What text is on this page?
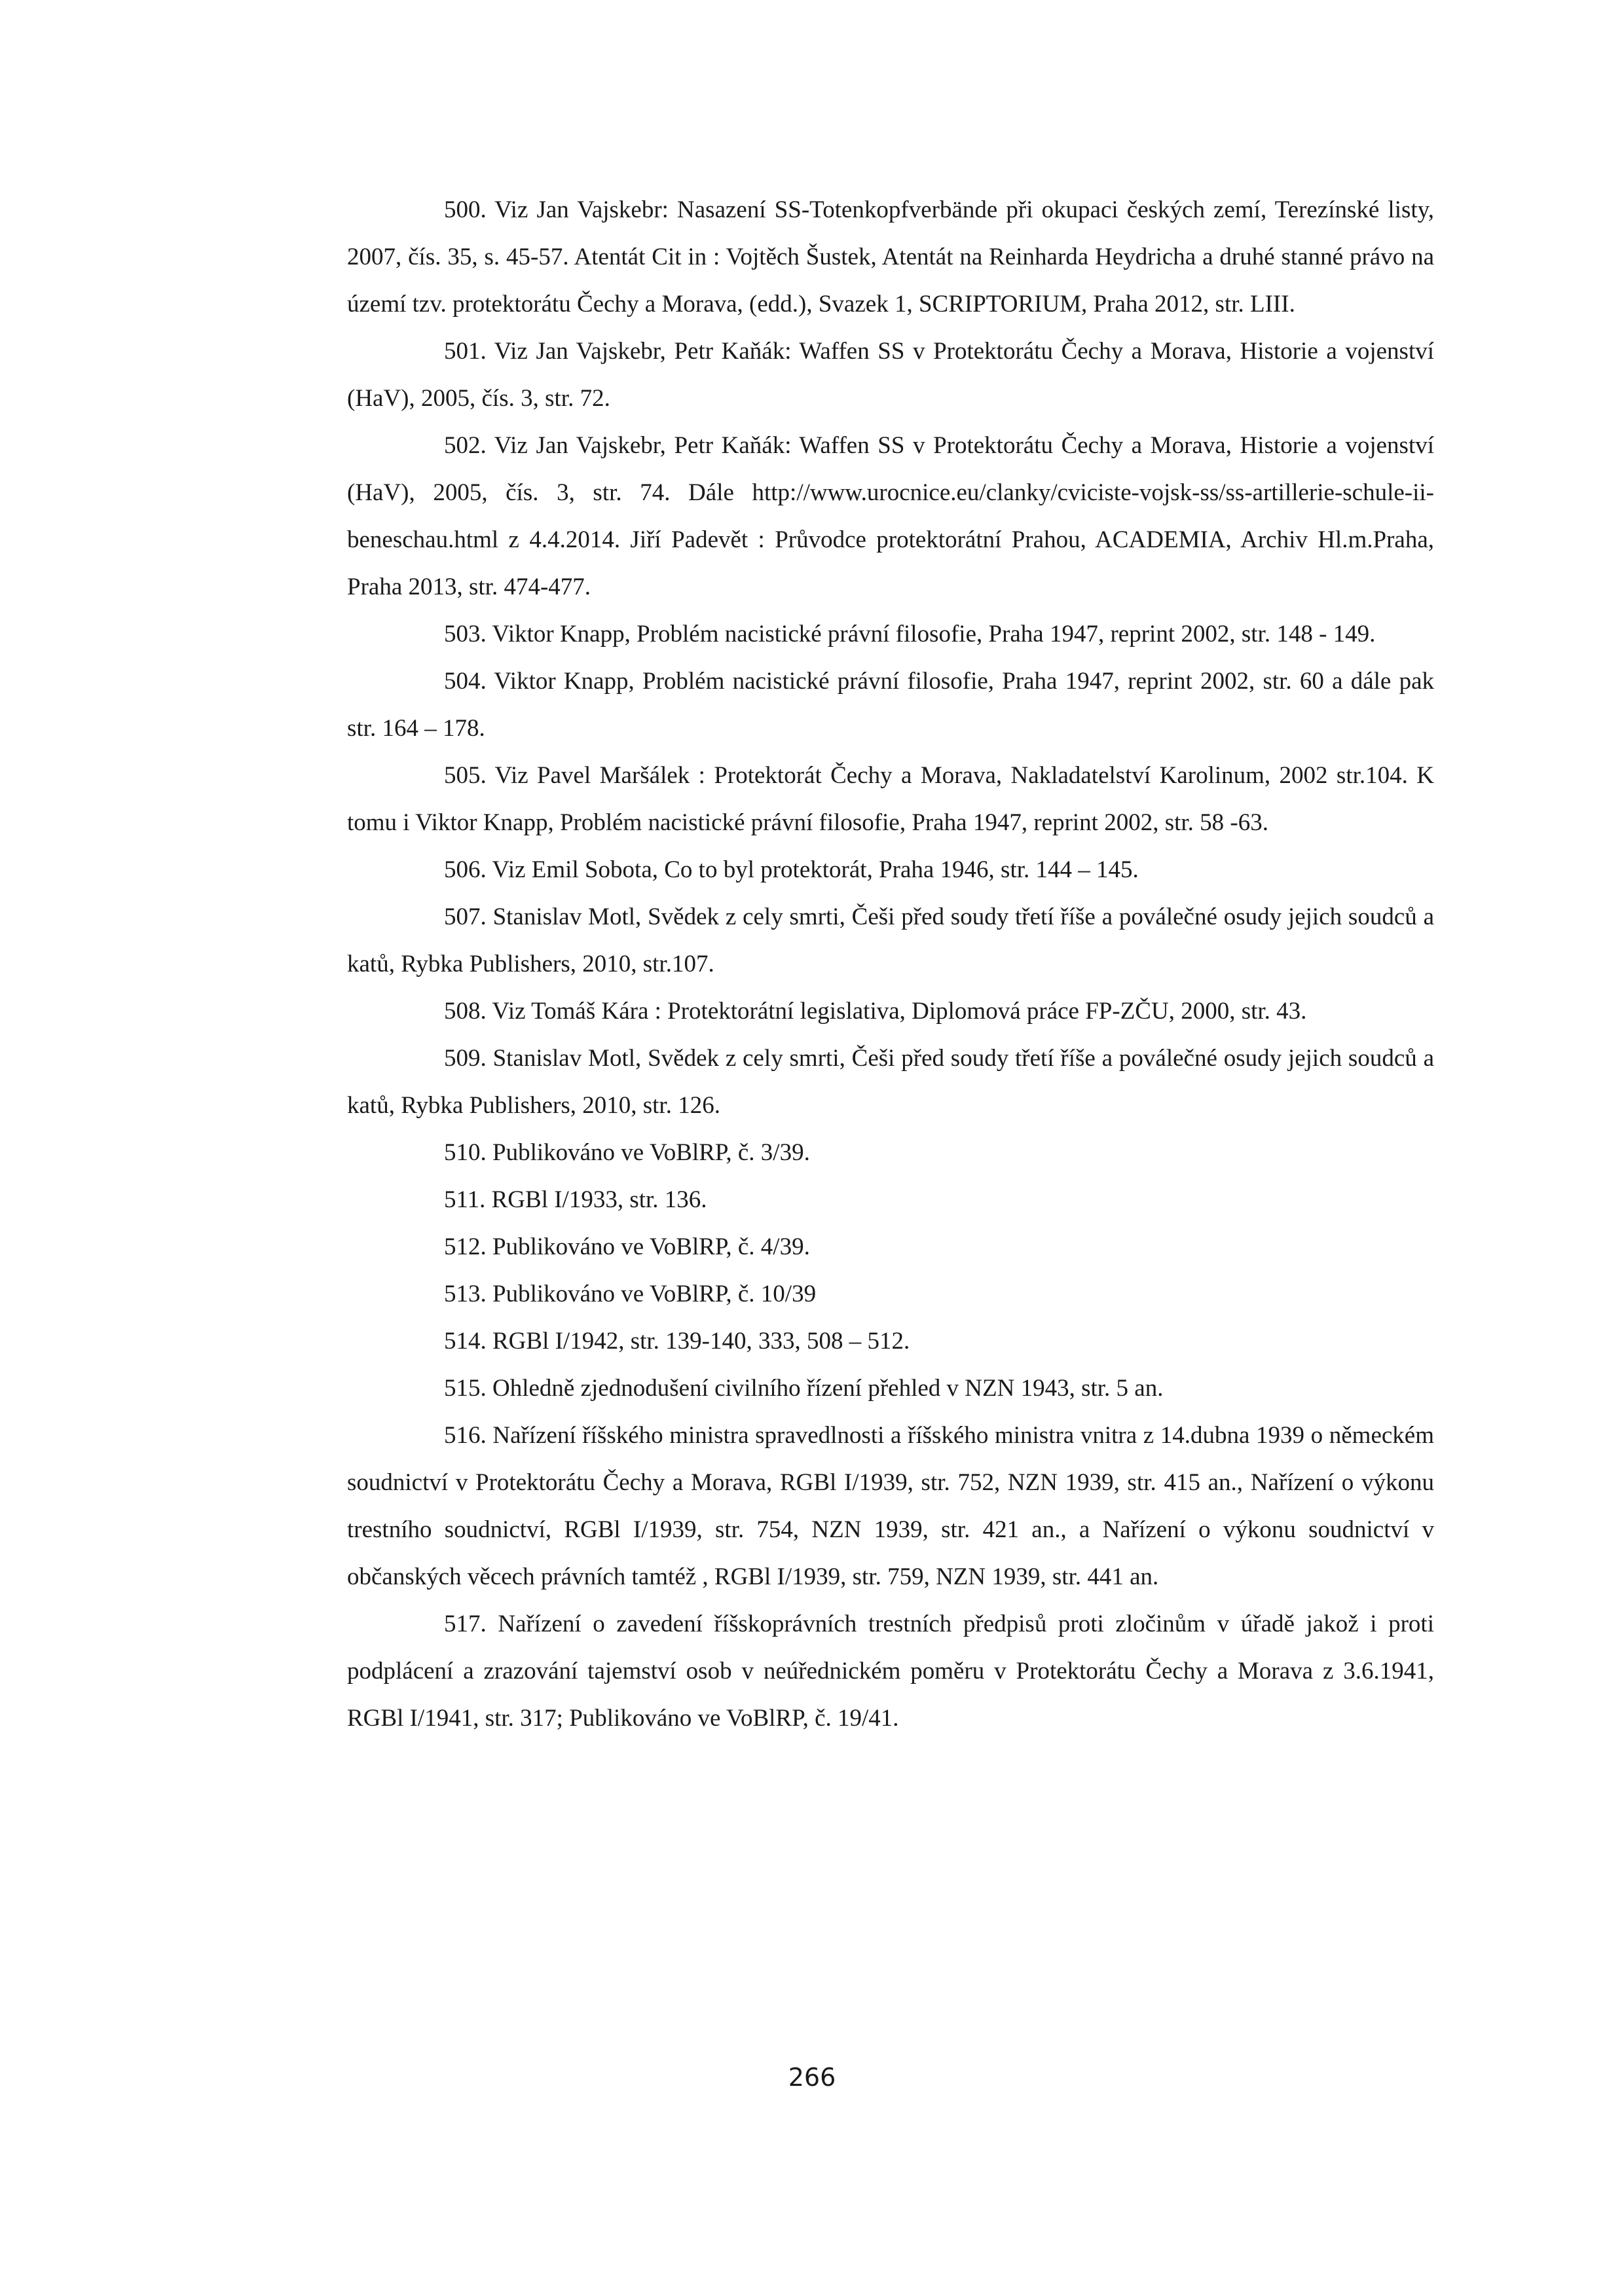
500. Viz Jan Vajskebr: Nasazení SS-Totenkopfverbände při okupaci českých zemí, Terezínské listy, 2007, čís. 35, s. 45-57. Atentát Cit in : Vojtěch Šustek, Atentát na Reinharda Heydricha a druhé stanné právo na území tzv. protektorátu Čechy a Morava, (edd.), Svazek 1, SCRIPTORIUM, Praha 2012, str. LIII.

501. Viz Jan Vajskebr, Petr Kaňák: Waffen SS v Protektorátu Čechy a Morava, Historie a vojenství (HaV), 2005, čís. 3, str. 72.

502. Viz Jan Vajskebr, Petr Kaňák: Waffen SS v Protektorátu Čechy a Morava, Historie a vojenství (HaV), 2005, čís. 3, str. 74. Dále http://www.urocnice.eu/clanky/cviciste-vojsk-ss/ss-artillerie-schule-ii-beneschau.html z 4.4.2014. Jiří Padevět : Průvodce protektorátní Prahou, ACADEMIA, Archiv Hl.m.Praha, Praha 2013, str. 474-477.

503. Viktor Knapp, Problém nacistické právní filosofie, Praha 1947, reprint 2002, str. 148 - 149.

504. Viktor Knapp, Problém nacistické právní filosofie, Praha 1947, reprint 2002, str. 60 a dále pak str. 164 – 178.

505. Viz Pavel Maršálek : Protektorát Čechy a Morava, Nakladatelství Karolinum, 2002 str.104. K tomu i Viktor Knapp, Problém nacistické právní filosofie, Praha 1947, reprint 2002, str. 58 -63.

506. Viz Emil Sobota, Co to byl protektorát, Praha 1946, str. 144 – 145.

507. Stanislav Motl, Svědek z cely smrti, Češi před soudy třetí říše a poválečné osudy jejich soudců a katů, Rybka Publishers, 2010, str.107.

508. Viz Tomáš Kára : Protektorátní legislativa, Diplomová práce FP-ZČU, 2000, str. 43.

509. Stanislav Motl, Svědek z cely smrti, Češi před soudy třetí říše a poválečné osudy jejich soudců a katů, Rybka Publishers, 2010, str. 126.

510. Publikováno ve VoBlRP, č. 3/39.

511. RGBl I/1933, str. 136.

512. Publikováno ve VoBlRP, č. 4/39.

513. Publikováno ve VoBlRP, č. 10/39

514. RGBl I/1942, str. 139-140, 333, 508 – 512.

515. Ohledně zjednodušení civilního řízení přehled v NZN 1943, str. 5 an.

516. Nařízení říšského ministra spravedlnosti a říšského ministra vnitra z 14.dubna 1939 o německém soudnictví v Protektorátu Čechy a Morava, RGBl I/1939, str. 752, NZN 1939, str. 415 an., Nařízení o výkonu trestního soudnictví, RGBl I/1939, str. 754, NZN 1939, str. 421 an., a Nařízení o výkonu soudnictví v občanských věcech právních tamtéž , RGBl I/1939, str. 759, NZN 1939, str. 441 an.

517. Nařízení o zavedení říšskoprávních trestních předpisů proti zločinům v úřadě jakož i proti podplácení a zrazování tajemství osob v neúřednickém poměru v Protektorátu Čechy a Morava z 3.6.1941, RGBl I/1941, str. 317; Publikováno ve VoBlRP, č. 19/41.

266
